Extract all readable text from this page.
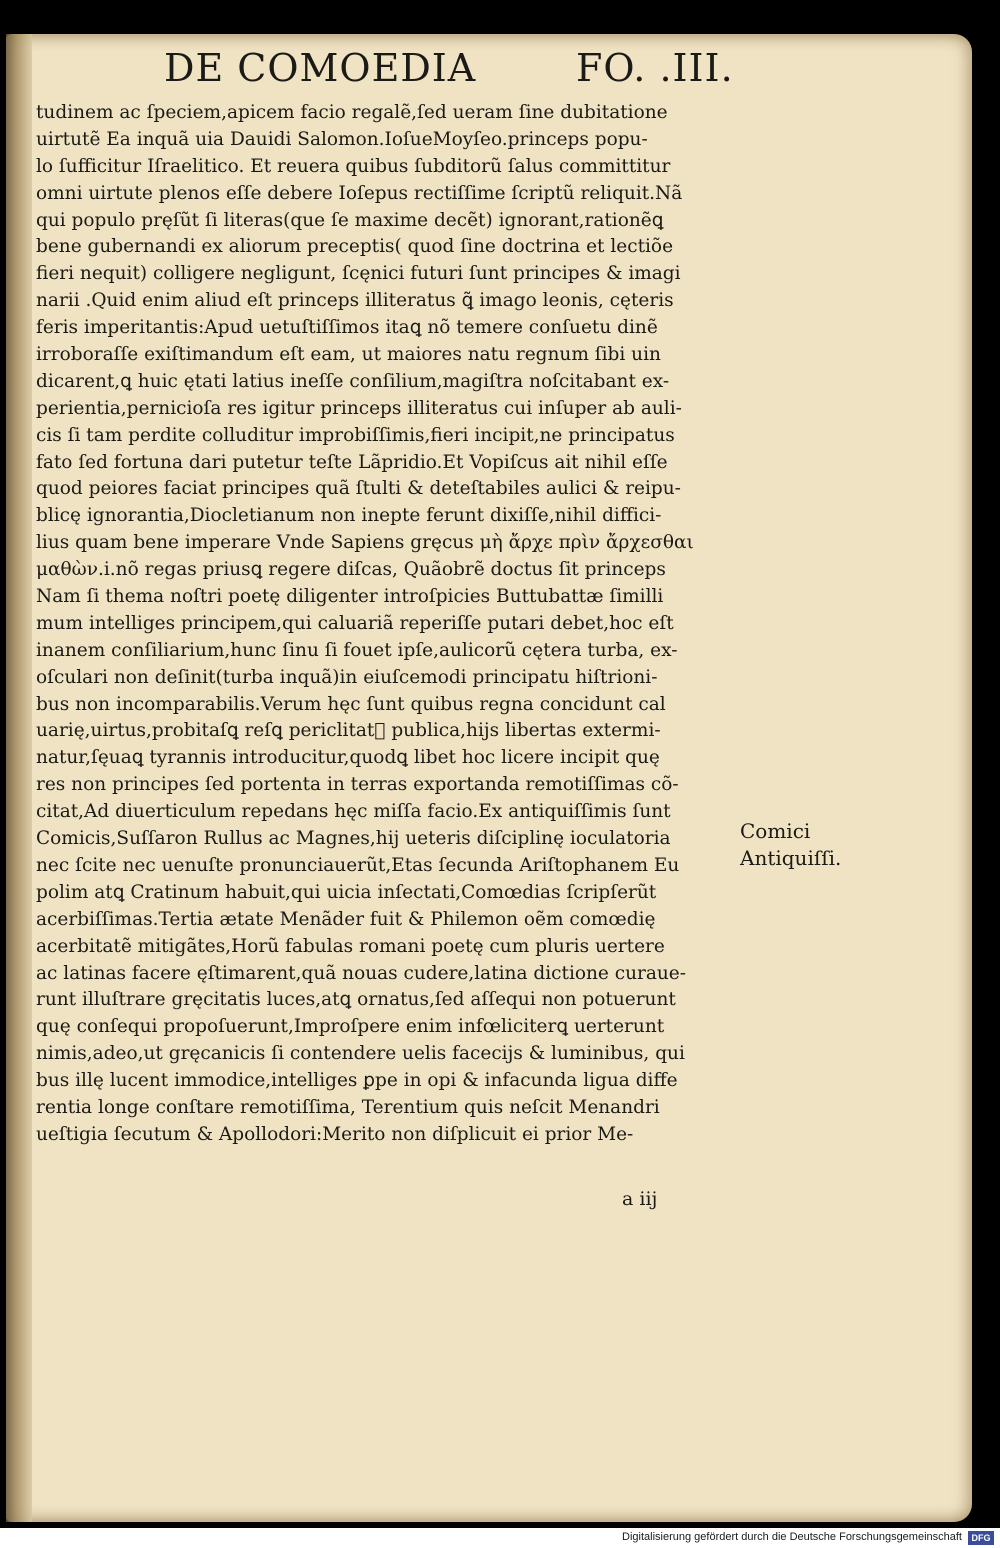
DE COMOEDIA	FO. .III.
tudinem ac ſpeciem,apicem facio regalẽ,ſed ueram ſine dubitatione
uirtutẽ Ea inquã uia Dauidi Salomon.IoſueMoyſeo.princeps popu-
lo ſufficitur Iſraelitico. Et reuera quibus ſubditorũ ſalus committitur
omni uirtute plenos eſſe debere Ioſepus rectiſſime ſcriptũ reliquit.Nã
qui populo pręſũt ſi literas(que ſe maxime decẽt) ignorant,rationẽꝗ
bene gubernandi ex aliorum preceptis( quod ſine doctrina et lectiõe
fieri nequit) colligere negligunt, ſcęnici futuri ſunt principes & imagi
narii .Quid enim aliud eſt princeps illiteratus ꝗ̃ imago leonis, cęteris
feris imperitantis:Apud uetuſtiſſimos itaꝗ nõ temere conſuetu dinẽ
irroboraſſe exiſtimandum eſt eam, ut maiores natu regnum ſibi uin
dicarent,ꝗ huic ętati latius ineſſe conſilium,magiſtra noſcitabant ex-
perientia,pernicioſa res igitur princeps illiteratus cui inſuper ab auli-
cis ſi tam perdite colluditur improbiſſimis,fieri incipit,ne principatus
fato ſed fortuna dari putetur teſte Lãpridio.Et Vopiſcus ait nihil eſſe
quod peiores faciat principes quã ſtulti & deteſtabiles aulici & reipu-
blicę ignorantia,Diocletianum non inepte ferunt dixiſſe,nihil diffici-
lius quam bene imperare Vnde Sapiens gręcus μὴ ἄρχε πρὶν ἄρχεσθαι
μαθὼν.i.nõ regas priusꝗ regere diſcas, Quãobrẽ doctus ſit princeps
Nam ſi thema noſtri poetę diligenter introſpicies Buttubattæ ſimilli
mum intelliges principem,qui caluariã reperiſſe putari debet,hoc eſt
inanem conſiliarium,hunc ſinu ſi fouet ipſe,aulicorũ cętera turba, ex-
oſculari non deſinit(turba inquã)in eiuſcemodi principatu hiſtrioni-
bus non incomparabilis.Verum hęc ſunt quibus regna concidunt cal
uarię,uirtus,probitaſꝗ reſꝗ periclitatᷓ publica,hijs libertas extermi-
natur,ſęuaꝗ tyrannis introducitur,quodꝗ libet hoc licere incipit quę
res non principes ſed portenta in terras exportanda remotiſſimas cõ-
citat,Ad diuerticulum repedans hęc miſſa facio.Ex antiquiſſimis ſunt
Comicis,Suſſaron Rullus ac Magnes,hij ueteris diſciplinę ioculatoria
nec ſcite nec uenuſte pronunciauerũt,Etas ſecunda Ariſtophanem Eu
polim atꝗ Cratinum habuit,qui uicia inſectati,Comœdias ſcripſerũt
acerbiſſimas.Tertia ætate Menãder fuit & Philemon oẽm comœdię
acerbitatẽ mitigãtes,Horũ fabulas romani poetę cum pluris uertere
ac latinas facere ęſtimarent,quã nouas cudere,latina dictione curaue-
runt illuſtrare gręcitatis luces,atꝗ ornatus,ſed aſſequi non potuerunt
quę conſequi propoſuerunt,Improſpere enim infœliciterꝗ uerterunt
nimis,adeo,ut gręcanicis ſi contendere uelis facecijs & luminibus, qui
bus illę lucent immodice,intelliges ꝑpe in opi & infacunda ligua diffe
rentia longe conſtare remotiſſima, Terentium quis neſcit Menandri
ueſtigia ſecutum & Apollodori:Merito non diſplicuit ei prior Me-
Comici
Antiquiſſi.
a iij
Digitalisierung gefördert durch die Deutsche Forschungsgemeinschaft	DFG
